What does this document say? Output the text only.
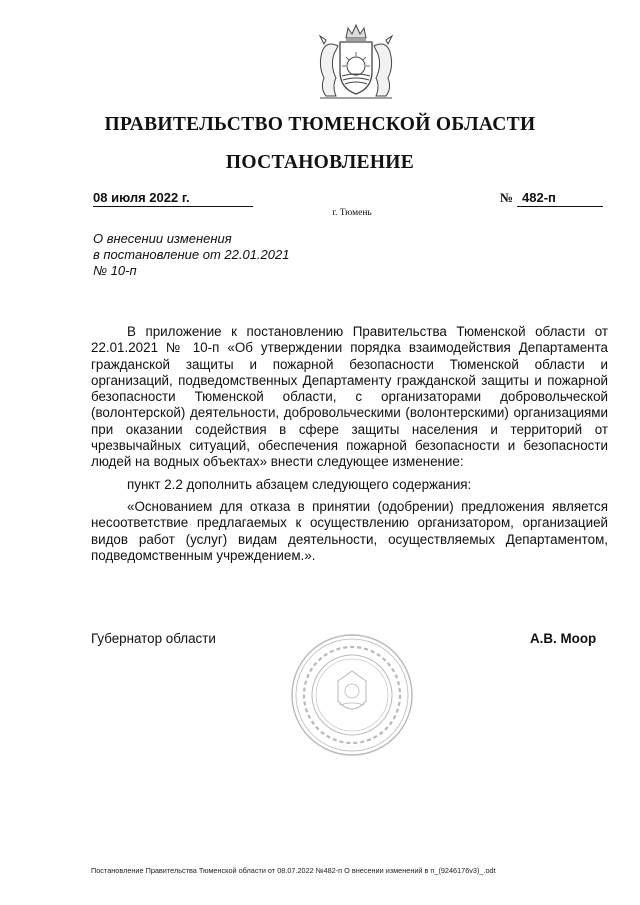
ПРАВИТЕЛЬСТВО ТЮМЕНСКОЙ ОБЛАСТИ
ПОСТАНОВЛЕНИЕ
08 июля 2022 г.	№ 482-п
г. Тюмень
О внесении изменения
в постановление от 22.01.2021
№ 10-п

В приложение к постановлению Правительства Тюменской области от 22.01.2021 № 10-п «Об утверждении порядка взаимодействия Департамента гражданской защиты и пожарной безопасности Тюменской области и организаций, подведомственных Департаменту гражданской защиты и пожарной безопасности Тюменской области, с организаторами добровольческой (волонтерской) деятельности, добровольческими (волонтерскими) организациями при оказании содействия в сфере защиты населения и территорий от чрезвычайных ситуаций, обеспечения пожарной безопасности и безопасности людей на водных объектах» внести следующее изменение:

пункт 2.2 дополнить абзацем следующего содержания:

«Основанием для отказа в принятии (одобрении) предложения является несоответствие предлагаемых к осуществлению организатором, организацией видов работ (услуг) видам деятельности, осуществляемых Департаментом, подведомственным учреждением.».

Губернатор области	А.В. Моор
Постановление Правительства Тюменской области от 08.07.2022 №482-п О внесении изменений в п_(9246176v3)_.odt
